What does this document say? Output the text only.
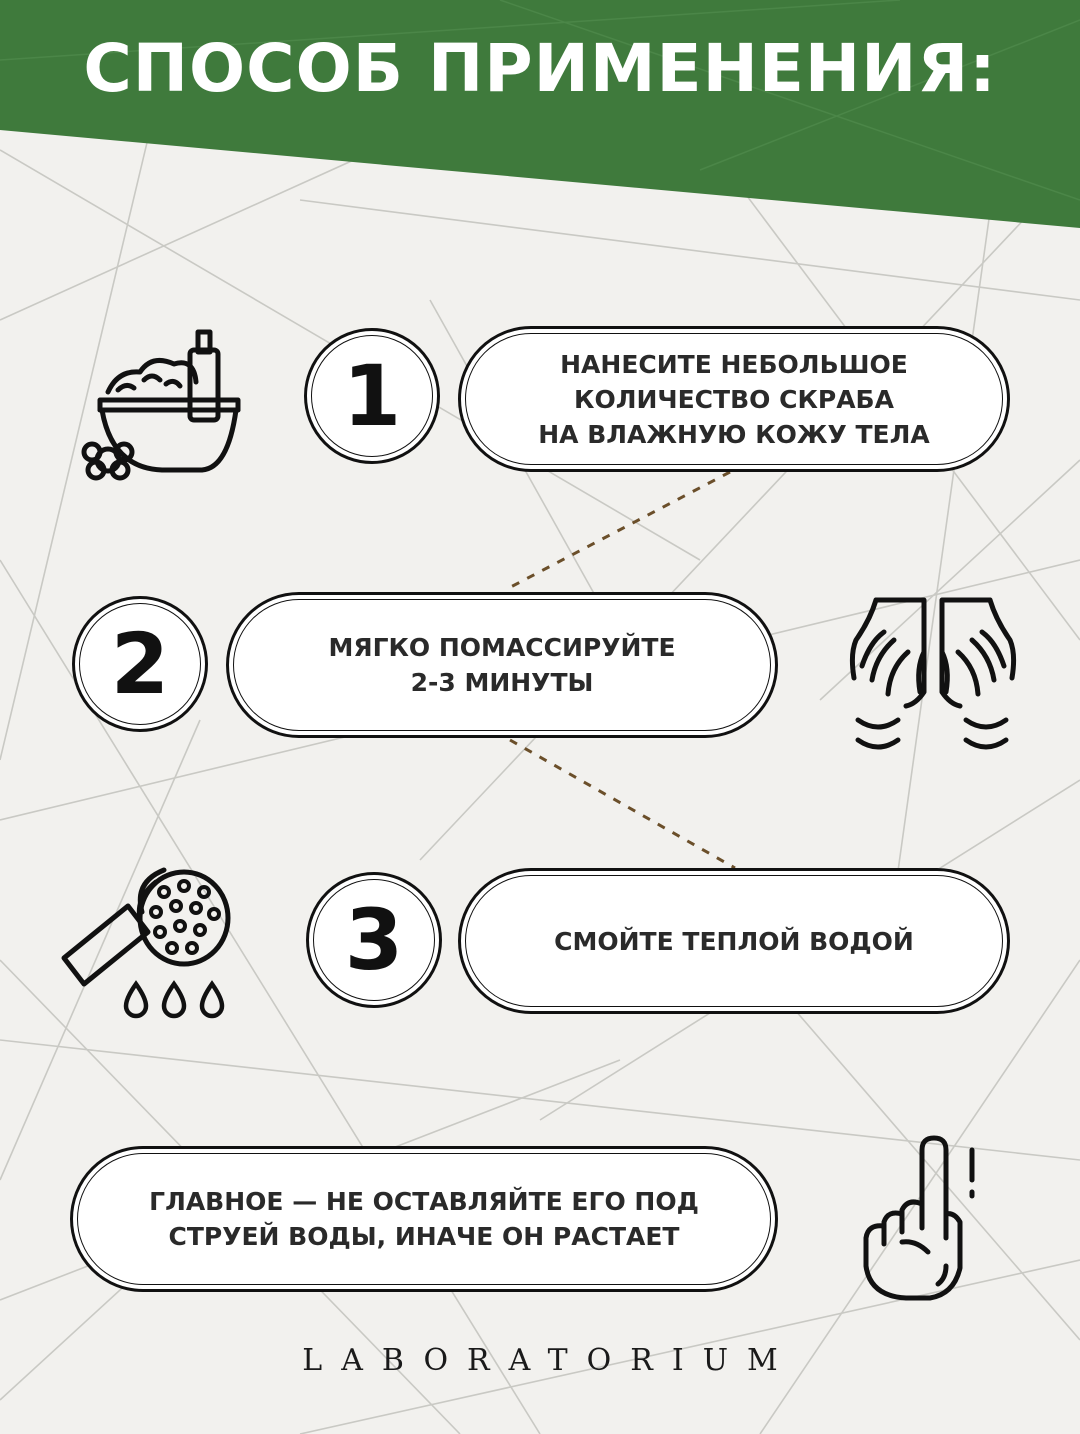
СПОСОБ ПРИМЕНЕНИЯ:
1	НАНЕСИТЕ НЕБОЛЬШОЕ
КОЛИЧЕСТВО СКРАБА
НА ВЛАЖНУЮ КОЖУ ТЕЛА
2	МЯГКО ПОМАССИРУЙТЕ
2-3 МИНУТЫ
3	СМОЙТЕ ТЕПЛОЙ ВОДОЙ
ГЛАВНОЕ — НЕ ОСТАВЛЯЙТЕ ЕГО ПОД
СТРУЕЙ ВОДЫ, ИНАЧЕ ОН РАСТАЕТ
LABORATORIUM
